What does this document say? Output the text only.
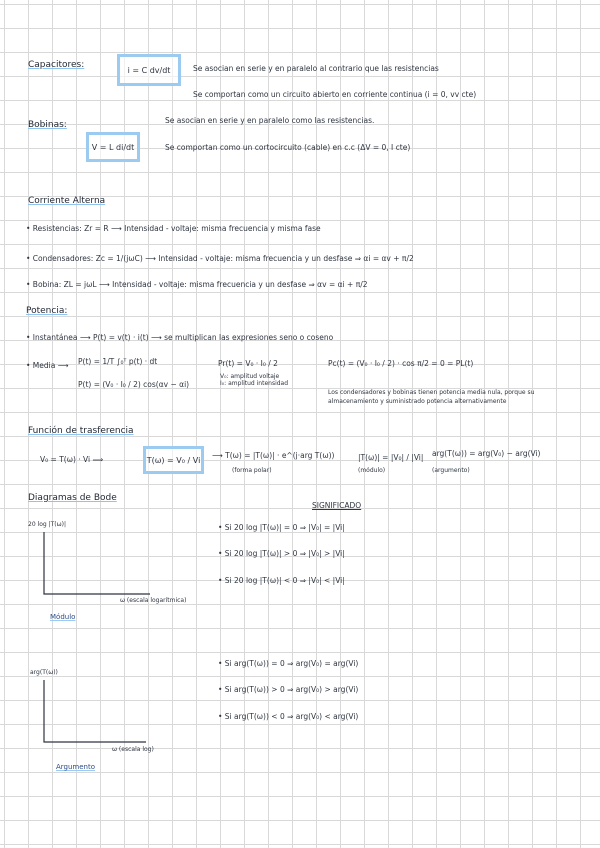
Capacitores:	i = C dv/dt	Se asocian en serie y en paralelo al contrario que las resistencias
Se comportan como un circuito abierto en corriente continua (i = 0, vv cte)
Bobinas:
V = L di/dt
Se asocian en serie y en paralelo como las resistencias.
Se comportan como un cortocircuito (cable) en c.c (ΔV = 0, I cte)
Corriente Alterna
• Resistencias: Zr = R ⟶ Intensidad - voltaje: misma frecuencia y misma fase
• Condensadores: Zc = 1/(jωC) ⟶ Intensidad - voltaje: misma frecuencia y un desfase ⇒ αi = αv + π/2
• Bobina: ZL = jωL ⟶ Intensidad - voltaje: misma frecuencia y un desfase ⇒ αv = αi + π/2
Potencia:
• Instantánea ⟶ P(t) = v(t) · i(t) ⟶ se multiplican las expresiones seno o coseno
• Media ⟶ P(t) = 1/T ∫₀ᵀ p(t) · dt
P(t) = (V₀ · I₀ / 2) cos(αv − αi)
Pr(t) = V₀ · I₀ / 2
V₀: amplitud voltaje
I₀: amplitud intensidad
Pc(t) = (V₀ · I₀ / 2) · cos π/2 = 0 = PL(t)
Los condensadores y bobinas tienen potencia media nula, porque su almacenamiento y suministrado potencia alternativamente
Función de trasferencia
V₀ = T(ω) · Vi ⟹	T(ω) = V₀ / Vi	⟶ T(ω) = |T(ω)| · e^(j·arg T(ω))
(forma polar)
|T(ω)| = |V₀| / |Vi|
(módulo)
arg(T(ω)) = arg(V₀) − arg(Vi)
(argumento)
Diagramas de Bode
SIGNIFICADO
20 log |T(ω)|
ω (escala logarítmica)
Módulo
• Si 20 log |T(ω)| = 0 ⇒ |V₀| = |Vi|
• Si 20 log |T(ω)| > 0 ⇒ |V₀| > |Vi|
• Si 20 log |T(ω)| < 0 ⇒ |V₀| < |Vi|
arg(T(ω))
ω (escala log)
Argumento
• Si arg(T(ω)) = 0 ⇒ arg(V₀) = arg(Vi)
• Si arg(T(ω)) > 0 ⇒ arg(V₀) > arg(Vi)
• Si arg(T(ω)) < 0 ⇒ arg(V₀) < arg(Vi)
